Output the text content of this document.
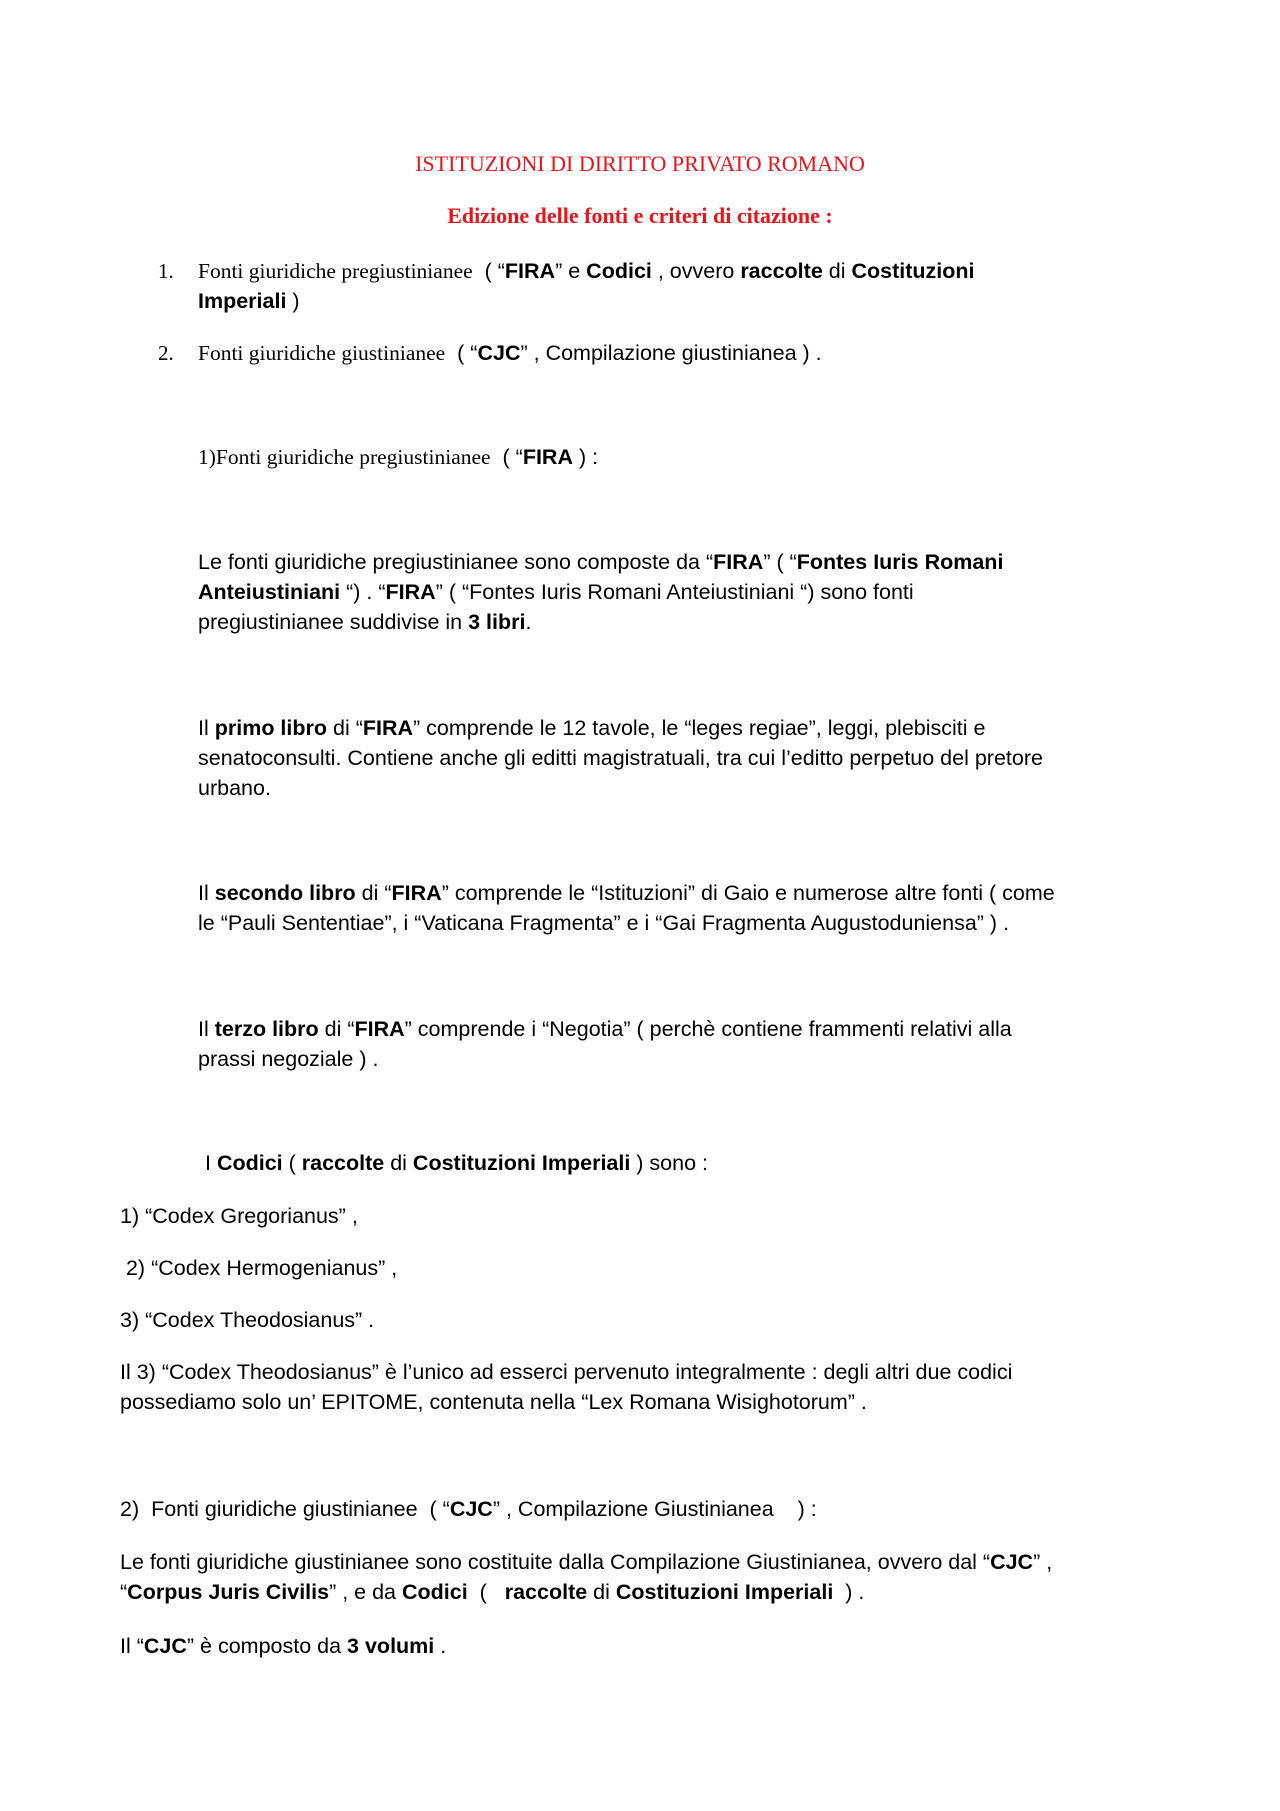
ISTITUZIONI DI DIRITTO PRIVATO ROMANO
Edizione delle fonti e criteri di citazione :
1. Fonti giuridiche pregiustinianee ( “FIRA” e Codici , ovvero raccolte di Costituzioni
Imperiali )
2. Fonti giuridiche giustinianee ( “CJC” , Compilazione giustinianea ) .
1)Fonti giuridiche pregiustinianee ( “FIRA ) :
Le fonti giuridiche pregiustinianee sono composte da “FIRA” ( “Fontes Iuris Romani
Anteiustiniani “) . “FIRA” ( “Fontes Iuris Romani Anteiustiniani “) sono fonti
pregiustinianee suddivise in 3 libri.
Il primo libro di “FIRA” comprende le 12 tavole, le “leges regiae”, leggi, plebisciti e
senatoconsulti. Contiene anche gli editti magistratuali, tra cui l’editto perpetuo del pretore
urbano.
Il secondo libro di “FIRA” comprende le “Istituzioni” di Gaio e numerose altre fonti ( come
le “Pauli Sententiae”, i “Vaticana Fragmenta” e i “Gai Fragmenta Augustoduniensa” ) .
Il terzo libro di “FIRA” comprende i “Negotia” ( perchè contiene frammenti relativi alla
prassi negoziale ) .
I Codici ( raccolte di Costituzioni Imperiali ) sono :
1) “Codex Gregorianus” ,
2) “Codex Hermogenianus” ,
3) “Codex Theodosianus” .
Il 3) “Codex Theodosianus” è l’unico ad esserci pervenuto integralmente : degli altri due codici
possediamo solo un’ EPITOME, contenuta nella “Lex Romana Wisighotorum” .
2)  Fonti giuridiche giustinianee  ( “CJC” , Compilazione Giustinianea    ) :
Le fonti giuridiche giustinianee sono costituite dalla Compilazione Giustinianea, ovvero dal “CJC” ,
“Corpus Juris Civilis” , e da Codici  (   raccolte di Costituzioni Imperiali  ) .
Il “CJC” è composto da 3 volumi .
